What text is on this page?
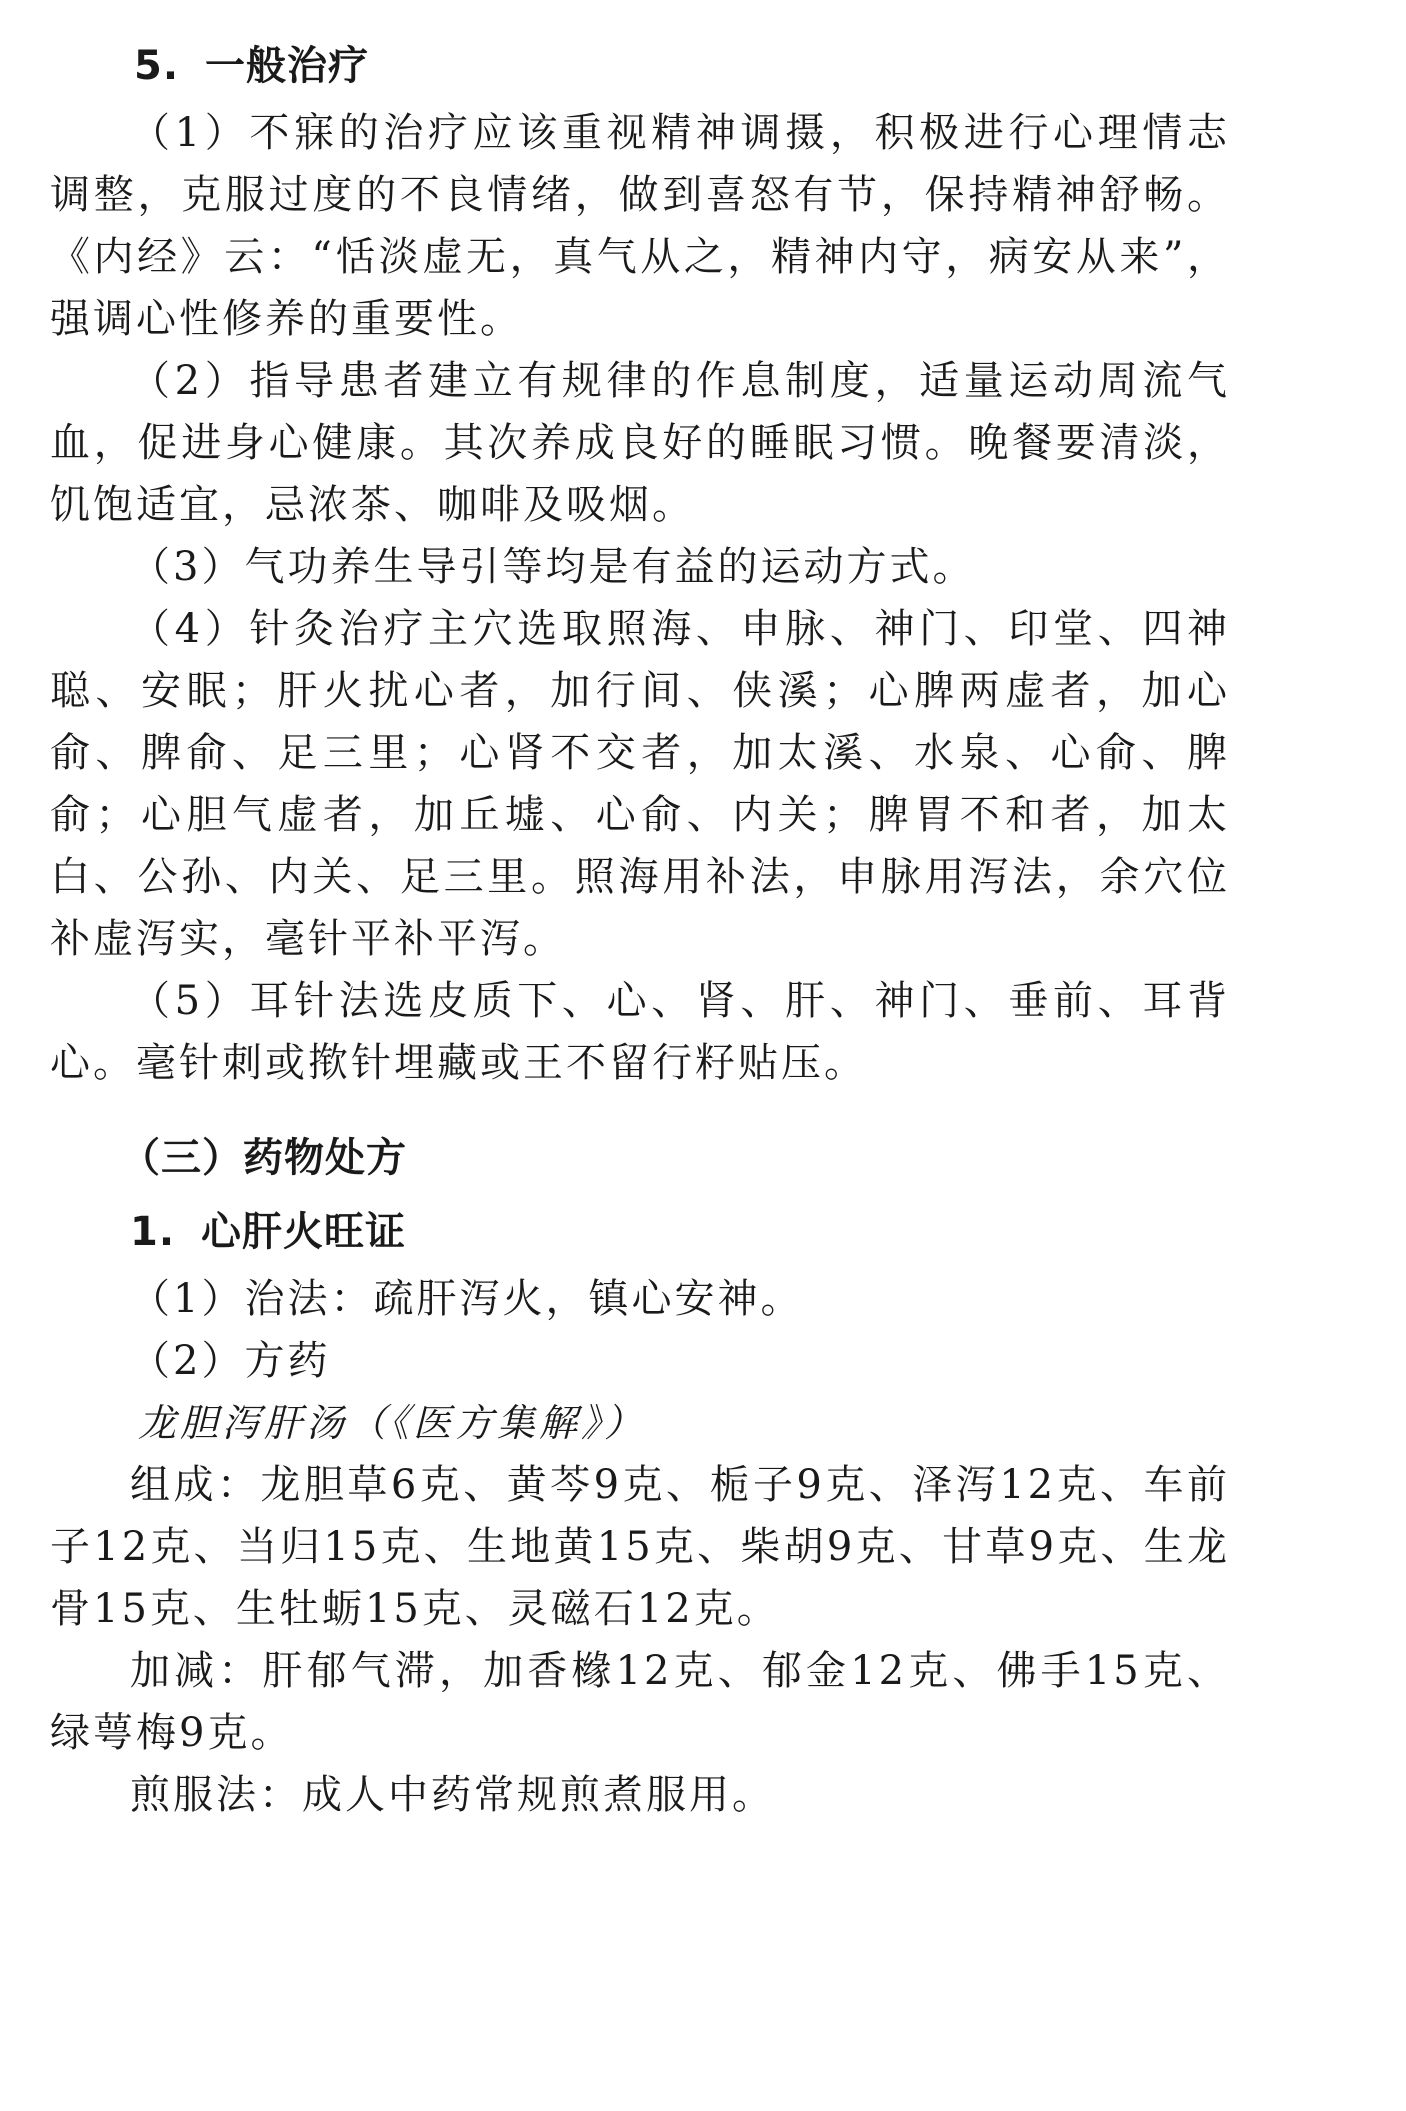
5. 一般治疗

（1）不寐的治疗应该重视精神调摄，积极进行心理情志调整，克服过度的不良情绪，做到喜怒有节，保持精神舒畅。《内经》云：“恬淡虚无，真气从之，精神内守，病安从来”，强调心性修养的重要性。

（2）指导患者建立有规律的作息制度，适量运动周流气血，促进身心健康。其次养成良好的睡眠习惯。晚餐要清淡，饥饱适宜，忌浓茶、咖啡及吸烟。

（3）气功养生导引等均是有益的运动方式。

（4）针灸治疗主穴选取照海、申脉、神门、印堂、四神聪、安眠；肝火扰心者，加行间、侠溪；心脾两虚者，加心俞、脾俞、足三里；心肾不交者，加太溪、水泉、心俞、脾俞；心胆气虚者，加丘墟、心俞、内关；脾胃不和者，加太白、公孙、内关、足三里。照海用补法，申脉用泻法，余穴位补虚泻实，毫针平补平泻。

（5）耳针法选皮质下、心、肾、肝、神门、垂前、耳背心。毫针刺或揿针埋藏或王不留行籽贴压。

（三）药物处方
1. 心肝火旺证

（1）治法：疏肝泻火，镇心安神。

（2）方药

龙胆泻肝汤（《医方集解》）

组成：龙胆草6克、黄芩9克、栀子9克、泽泻12克、车前子12克、当归15克、生地黄15克、柴胡9克、甘草9克、生龙骨15克、生牡蛎15克、灵磁石12克。

加减：肝郁气滞，加香橼12克、郁金12克、佛手15克、绿萼梅9克。

煎服法：成人中药常规煎煮服用。
